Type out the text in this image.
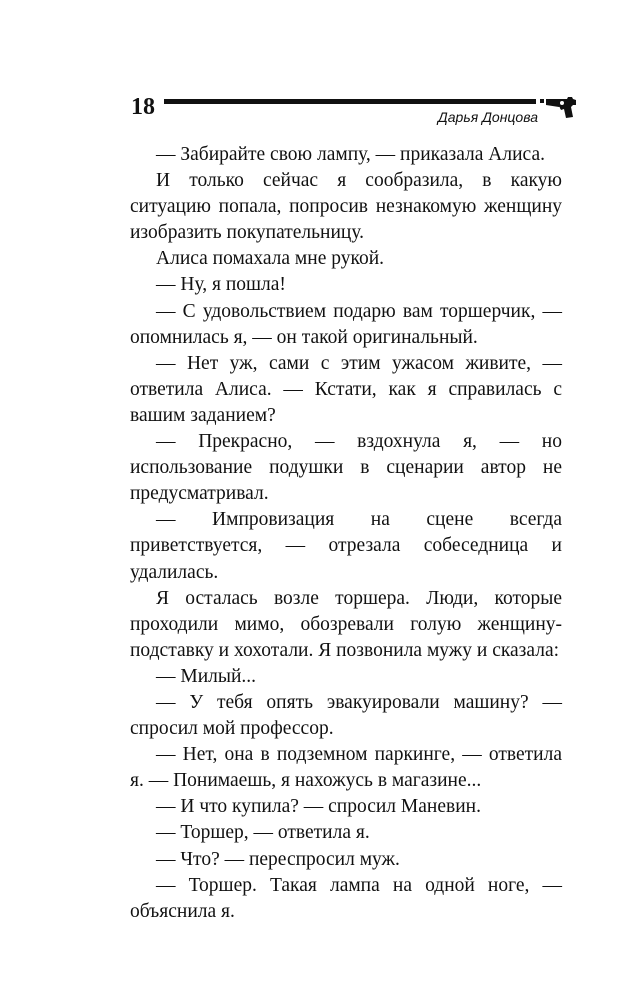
18	Дарья Донцова

— Забирайте свою лампу, — приказала Алиса.

И только сейчас я сообразила, в какую ситуацию попала, попросив незнакомую женщину изобразить покупательницу.

Алиса помахала мне рукой.

— Ну, я пошла!

— С удовольствием подарю вам торшерчик, — опомнилась я, — он такой оригинальный.

— Нет уж, сами с этим ужасом живите, — ответила Алиса. — Кстати, как я справилась с вашим заданием?

— Прекрасно, — вздохнула я, — но использование подушки в сценарии автор не предусматривал.

— Импровизация на сцене всегда приветствуется, — отрезала собеседница и удалилась.

Я осталась возле торшера. Люди, которые проходили мимо, обозревали голую женщину-подставку и хохотали. Я позвонила мужу и сказала:

— Милый...

— У тебя опять эвакуировали машину? — спросил мой профессор.

— Нет, она в подземном паркинге, — ответила я. — Понимаешь, я нахожусь в магазине...

— И что купила? — спросил Маневин.

— Торшер, — ответила я.

— Что? — переспросил муж.

— Торшер. Такая лампа на одной ноге, — объяснила я.
